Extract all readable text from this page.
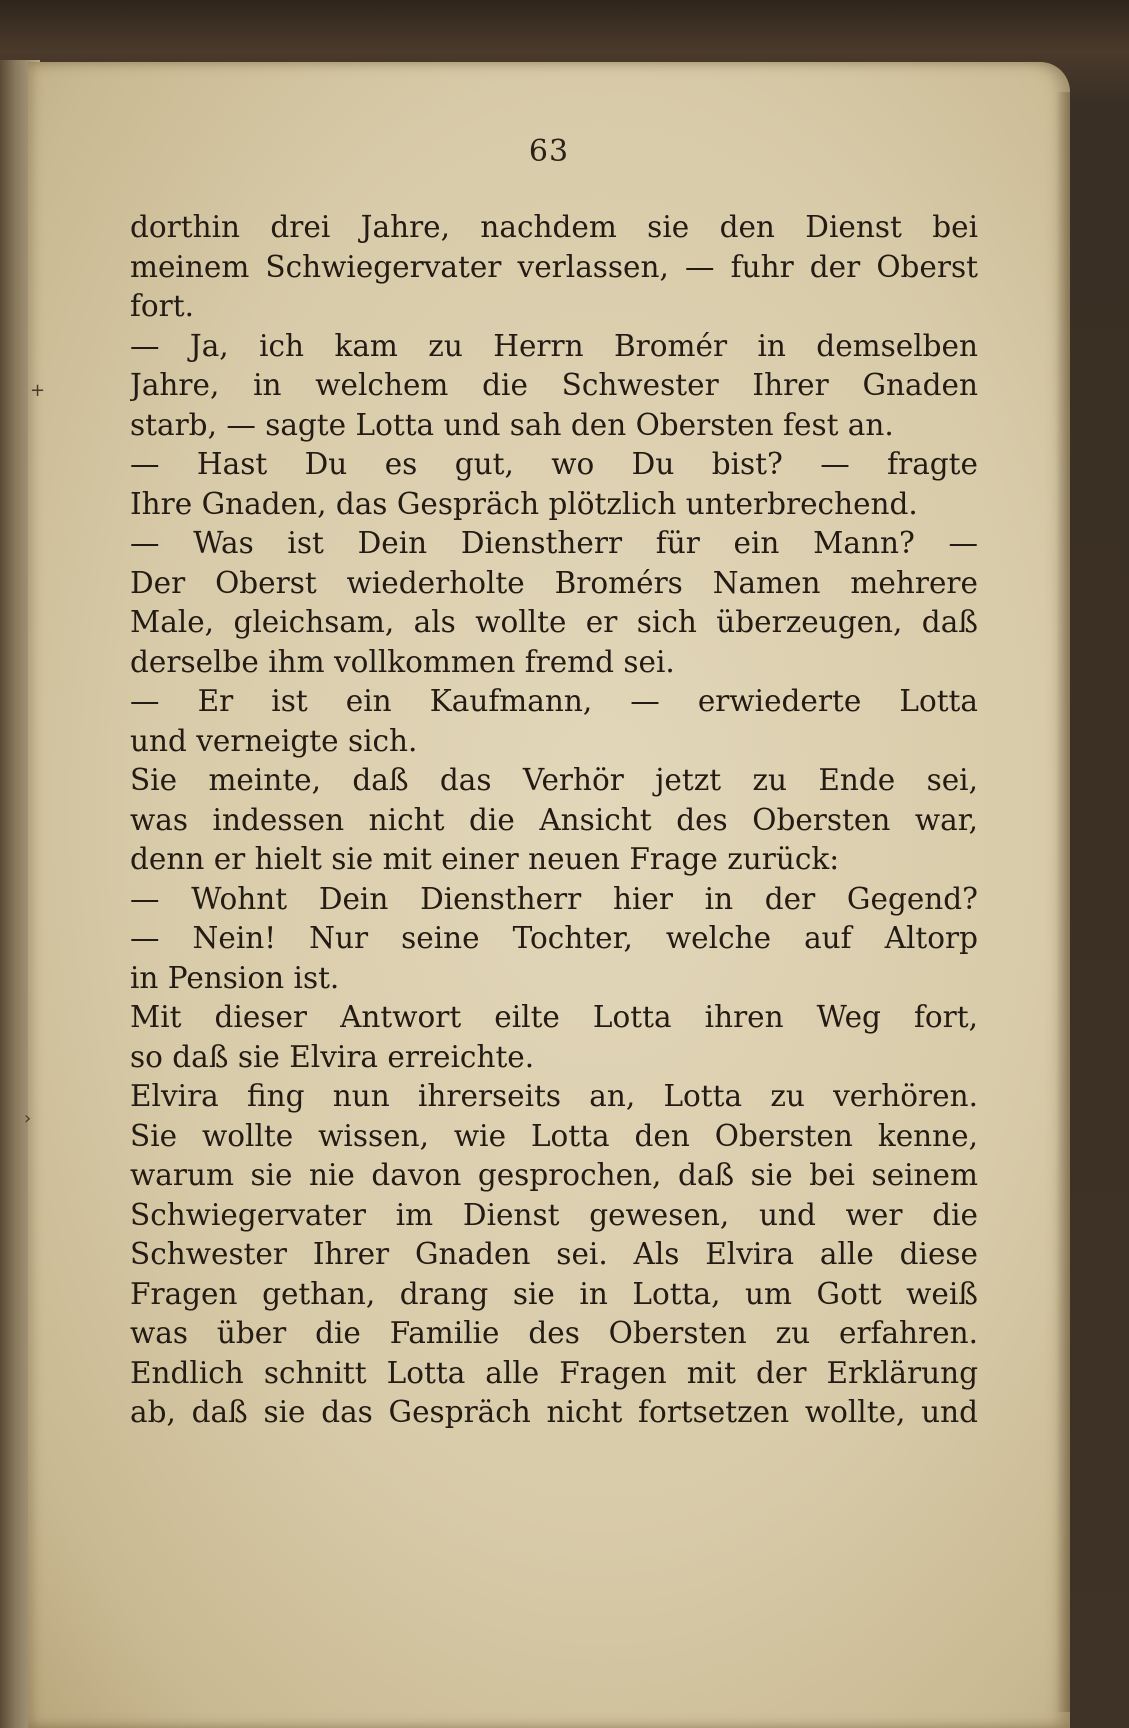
63
dorthin drei Jahre, nachdem sie den Dienst bei
meinem Schwiegervater verlassen, — fuhr der Oberst
fort.
— Ja, ich kam zu Herrn Bromér in demselben
Jahre, in welchem die Schwester Ihrer Gnaden
starb, — sagte Lotta und sah den Obersten fest an.
— Hast Du es gut, wo Du bist? — fragte
Ihre Gnaden, das Gespräch plötzlich unterbrechend.
— Was ist Dein Dienstherr für ein Mann? —
Der Oberst wiederholte Bromérs Namen mehrere
Male, gleichsam, als wollte er sich überzeugen, daß
derselbe ihm vollkommen fremd sei.
— Er ist ein Kaufmann, — erwiederte Lotta
und verneigte sich.
Sie meinte, daß das Verhör jetzt zu Ende sei,
was indessen nicht die Ansicht des Obersten war,
denn er hielt sie mit einer neuen Frage zurück:
— Wohnt Dein Dienstherr hier in der Gegend?
— Nein! Nur seine Tochter, welche auf Altorp
in Pension ist.
Mit dieser Antwort eilte Lotta ihren Weg fort,
so daß sie Elvira erreichte.
Elvira fing nun ihrerseits an, Lotta zu verhören.
Sie wollte wissen, wie Lotta den Obersten kenne,
warum sie nie davon gesprochen, daß sie bei seinem
Schwiegervater im Dienst gewesen, und wer die
Schwester Ihrer Gnaden sei. Als Elvira alle diese
Fragen gethan, drang sie in Lotta, um Gott weiß
was über die Familie des Obersten zu erfahren.
Endlich schnitt Lotta alle Fragen mit der Erklärung
ab, daß sie das Gespräch nicht fortsetzen wollte, und
+
›
